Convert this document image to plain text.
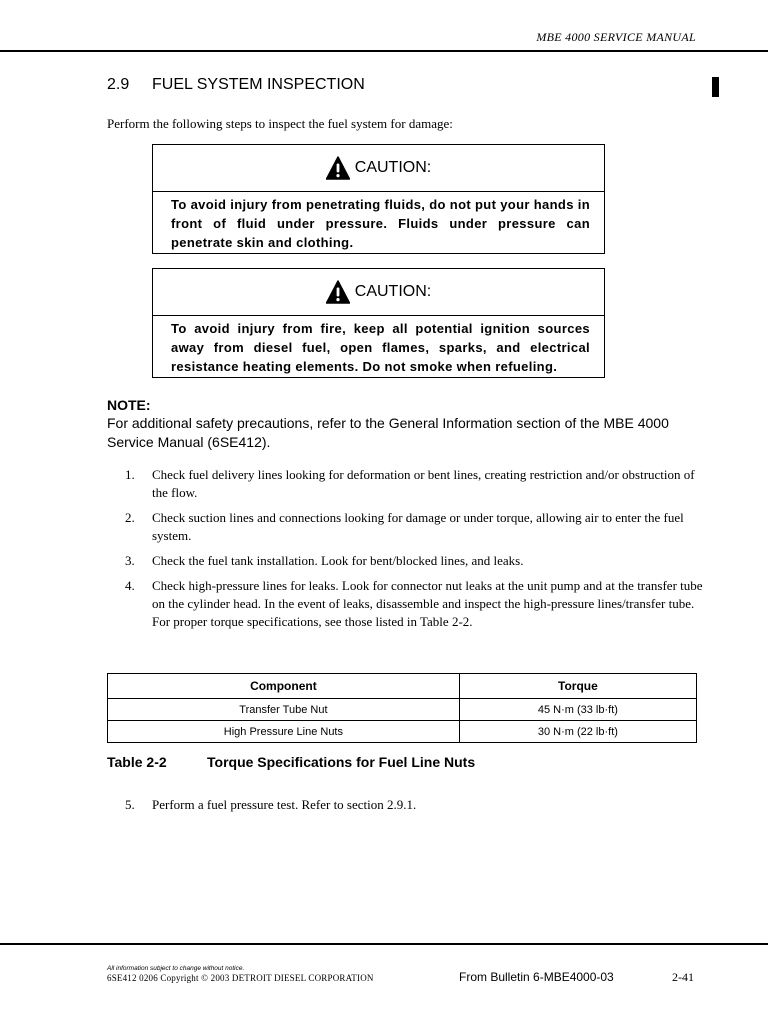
MBE 4000 SERVICE MANUAL
2.9 FUEL SYSTEM INSPECTION
Perform the following steps to inspect the fuel system for damage:
CAUTION:
To avoid injury from penetrating fluids, do not put your hands in front of fluid under pressure. Fluids under pressure can penetrate skin and clothing.
CAUTION:
To avoid injury from fire, keep all potential ignition sources away from diesel fuel, open flames, sparks, and electrical resistance heating elements. Do not smoke when refueling.
NOTE:
For additional safety precautions, refer to the General Information section of the MBE 4000 Service Manual (6SE412).
1.	Check fuel delivery lines looking for deformation or bent lines, creating restriction and/or obstruction of the flow.
2.	Check suction lines and connections looking for damage or under torque, allowing air to enter the fuel system.
3.	Check the fuel tank installation. Look for bent/blocked lines, and leaks.
4.	Check high-pressure lines for leaks. Look for connector nut leaks at the unit pump and at the transfer tube on the cylinder head. In the event of leaks, disassemble and inspect the high-pressure lines/transfer tube. For proper torque specifications, see those listed in Table 2-2.
Component	Torque
Transfer Tube Nut	45 N·m (33 lb·ft)
High Pressure Line Nuts	30 N·m (22 lb·ft)
Table 2-2	Torque Specifications for Fuel Line Nuts
5.	Perform a fuel pressure test. Refer to section 2.9.1.
All information subject to change without notice.
6SE412 0206 Copyright © 2003 DETROIT DIESEL CORPORATION	From Bulletin 6-MBE4000-03	2-41
